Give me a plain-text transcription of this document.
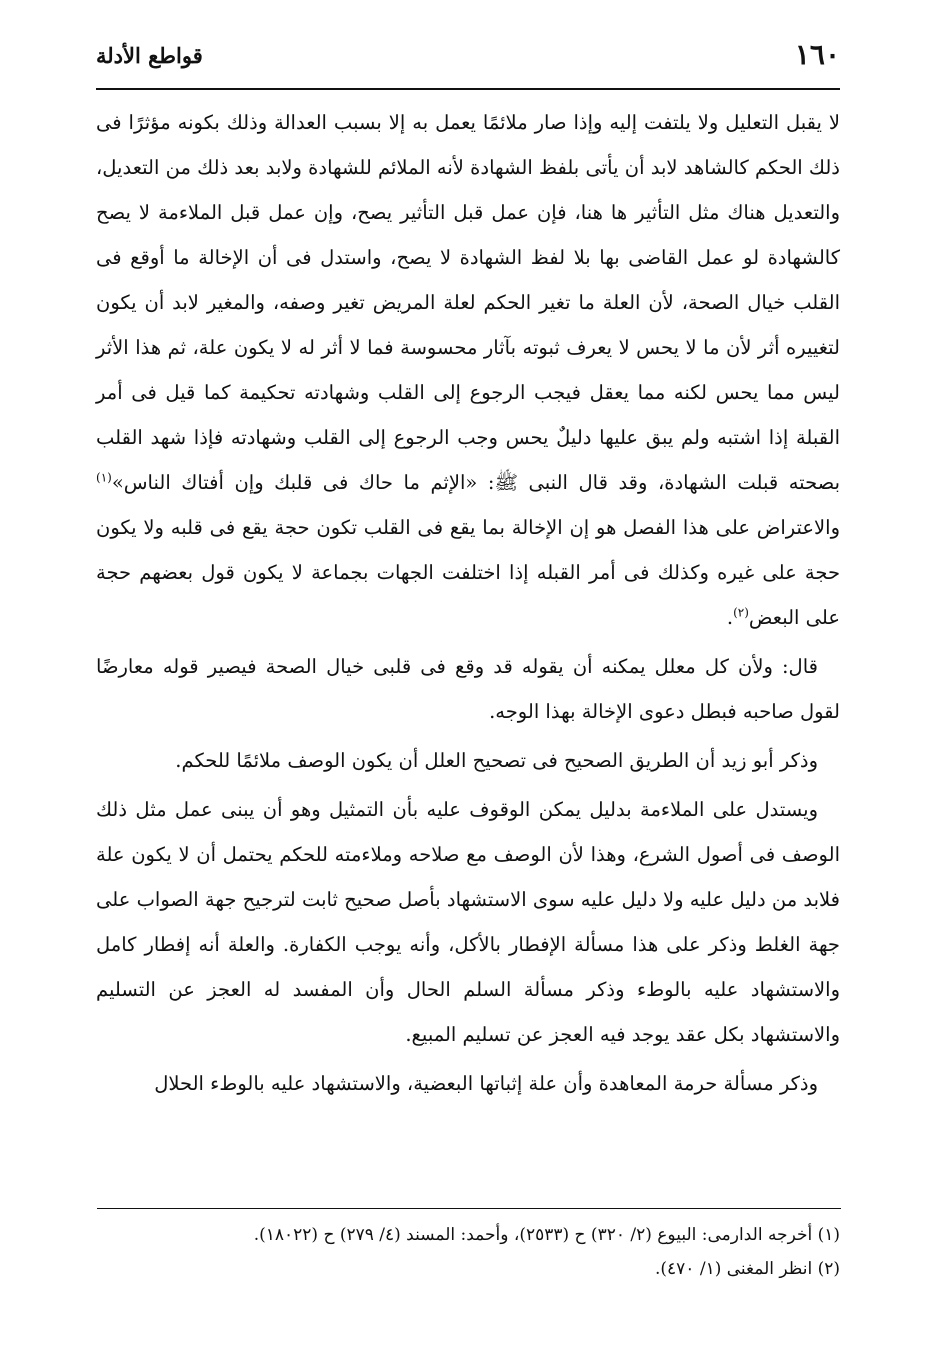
١٦٠
قواطع الأدلة

لا يقبل التعليل ولا يلتفت إليه وإذا صار ملائمًا يعمل به إلا بسبب العدالة وذلك بكونه مؤثرًا فى ذلك الحكم كالشاهد لابد أن يأتى بلفظ الشهادة لأنه الملائم للشهادة ولابد بعد ذلك من التعديل، والتعديل هناك مثل التأثير ها هنا، فإن عمل قبل التأثير يصح، وإن عمل قبل الملاءمة لا يصح كالشهادة لو عمل القاضى بها بلا لفظ الشهادة لا يصح، واستدل فى أن الإخالة ما أوقع فى القلب خيال الصحة، لأن العلة ما تغير الحكم لعلة المريض تغير وصفه، والمغير لابد أن يكون لتغييره أثر لأن ما لا يحس لا يعرف ثبوته بآثار محسوسة فما لا أثر له لا يكون علة، ثم هذا الأثر ليس مما يحس لكنه مما يعقل فيجب الرجوع إلى القلب وشهادته تحكيمة كما قيل فى أمر القبلة إذا اشتبه ولم يبق عليها دليلٌ يحس وجب الرجوع إلى القلب وشهادته فإذا شهد القلب بصحته قبلت الشهادة، وقد قال النبى ﷺ: «الإثم ما حاك فى قلبك وإن أفتاك الناس»$^{(١)}$ والاعتراض على هذا الفصل هو إن الإخالة بما يقع فى القلب تكون حجة يقع فى قلبه ولا يكون حجة على غيره وكذلك فى أمر القبله إذا اختلفت الجهات بجماعة لا يكون قول بعضهم حجة على البعض$^{(٢)}$.

قال: ولأن كل معلل يمكنه أن يقوله قد وقع فى قلبى خيال الصحة فيصير قوله معارضًا لقول صاحبه فبطل دعوى الإخالة بهذا الوجه.

وذكر أبو زيد أن الطريق الصحيح فى تصحيح العلل أن يكون الوصف ملائمًا للحكم.

ويستدل على الملاءمة بدليل يمكن الوقوف عليه بأن التمثيل وهو أن يبنى عمل مثل ذلك الوصف فى أصول الشرع، وهذا لأن الوصف مع صلاحه وملاءمته للحكم يحتمل أن لا يكون علة فلابد من دليل عليه ولا دليل عليه سوى الاستشهاد بأصل صحيح ثابت لترجيح جهة الصواب على جهة الغلط وذكر على هذا مسألة الإفطار بالأكل، وأنه يوجب الكفارة. والعلة أنه إفطار كامل والاستشهاد عليه بالوطء وذكر مسألة السلم الحال وأن المفسد له العجز عن التسليم والاستشهاد بكل عقد يوجد فيه العجز عن تسليم المبيع.

وذكر مسألة حرمة المعاهدة وأن علة إثباتها البعضية، والاستشهاد عليه بالوطء الحلال

(١) أخرجه الدارمى: البيوع (٢/ ٣٢٠) ح (٢٥٣٣)، وأحمد: المسند (٤/ ٢٧٩) ح (١٨٠٢٢).

(٢) انظر المغنى (١/ ٤٧٠).
